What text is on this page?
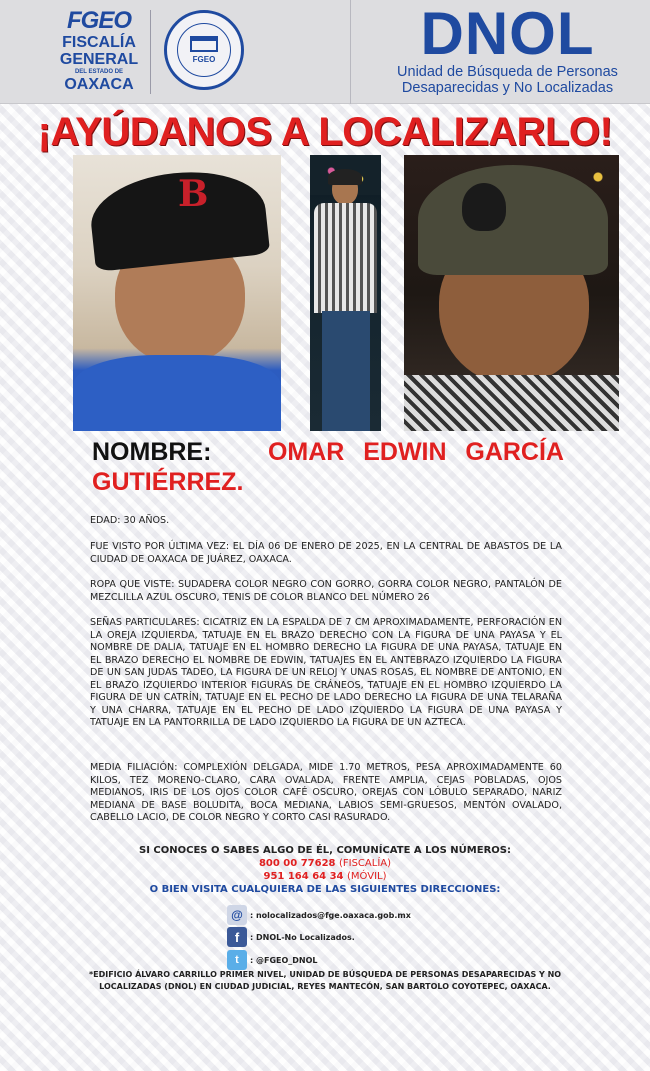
FGEO
FISCALÍA
GENERAL
DEL ESTADO DE
OAXACA
FGEO	DNOL
Unidad de Búsqueda de Personas
Desaparecidas y No Localizadas
¡AYÚDANOS A LOCALIZARLO!
B
NOMBRE: OMAR EDWIN GARCÍA GUTIÉRREZ.
EDAD: 30 AÑOS.
FUE VISTO POR ÚLTIMA VEZ: EL DÍA 06 DE ENERO DE 2025, EN LA CENTRAL DE ABASTOS DE LA CIUDAD DE OAXACA DE JUÁREZ, OAXACA.
ROPA QUE VISTE: SUDADERA COLOR NEGRO CON GORRO, GORRA COLOR NEGRO, PANTALÓN DE MEZCLILLA AZUL OSCURO, TENIS DE COLOR BLANCO DEL NÚMERO 26
SEÑAS PARTICULARES: CICATRIZ EN LA ESPALDA DE 7 CM APROXIMADAMENTE, PERFORACIÓN EN LA OREJA IZQUIERDA, TATUAJE EN EL BRAZO DERECHO CON LA FIGURA DE UNA PAYASA Y EL NOMBRE DE DALIA, TATUAJE EN EL HOMBRO DERECHO LA FIGURA DE UNA PAYASA, TATUAJE EN EL BRAZO DERECHO EL NOMBRE DE EDWIN, TATUAJES EN EL ANTEBRAZO IZQUIERDO LA FIGURA DE UN SAN JUDAS TADEO, LA FIGURA DE UN RELOJ Y UNAS ROSAS, EL NOMBRE DE ANTONIO, EN EL BRAZO IZQUIERDO INTERIOR FIGURAS DE CRÁNEOS, TATUAJE EN EL HOMBRO IZQUIERDO LA FIGURA DE UN CATRÍN, TATUAJE EN EL PECHO DE LADO DERECHO LA FIGURA DE UNA TELARAÑA Y UNA CHARRA, TATUAJE EN EL PECHO DE LADO IZQUIERDO LA FIGURA DE UNA PAYASA Y TATUAJE EN LA PANTORRILLA DE LADO IZQUIERDO LA FIGURA DE UN AZTECA.
MEDIA FILIACIÓN: COMPLEXIÓN DELGADA, MIDE 1.70 METROS, PESA APROXIMADAMENTE 60 KILOS, TEZ MORENO-CLARO, CARA OVALADA, FRENTE AMPLIA, CEJAS POBLADAS, OJOS MEDIANOS, IRIS DE LOS OJOS COLOR CAFÉ OSCURO, OREJAS CON LÓBULO SEPARADO, NARIZ MEDIANA DE BASE BOLUDITA, BOCA MEDIANA, LABIOS SEMI-GRUESOS, MENTÓN OVALADO, CABELLO LACIO, DE COLOR NEGRO Y CORTO CASI RASURADO.
SI CONOCES O SABES ALGO DE ÉL, COMUNÍCATE A LOS NÚMEROS:
800 00 77628 (FISCALÍA)
951 164 64 34 (MÓVIL)
O BIEN VISITA CUALQUIERA DE LAS SIGUIENTES DIRECCIONES:
@ : nolocalizados@fge.oaxaca.gob.mx
f	: DNOL-No Localizados.
t	: @FGEO_DNOL
*EDIFICIO ÁLVARO CARRILLO PRIMER NIVEL, UNIDAD DE BÚSQUEDA DE PERSONAS DESAPARECIDAS Y NO LOCALIZADAS (DNOL) EN CIUDAD JUDICIAL, REYES MANTECÓN, SAN BARTOLO COYOTEPEC, OAXACA.
